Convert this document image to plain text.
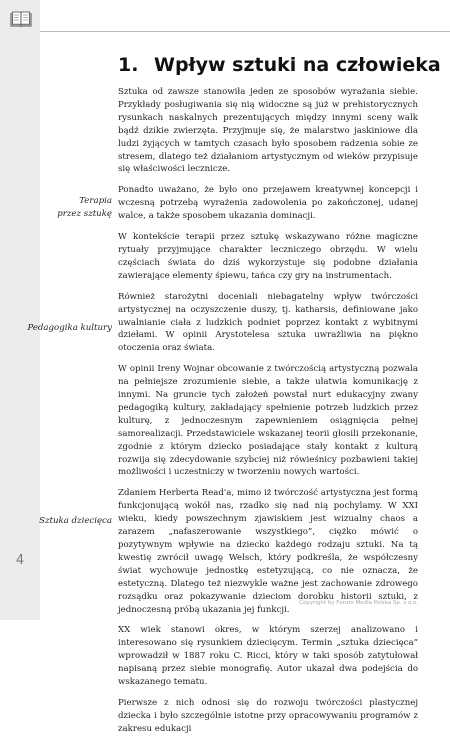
4
1. Wpływ sztuki na człowieka
Terapia
przez sztukę
Pedagogika kultury
Sztuka dziecięca

Sztuka od zawsze stanowiła jeden ze sposobów wyrażania siebie. Przykłady posługiwania się nią widoczne są już w prehistorycznych rysunkach naskalnych prezentujących między innymi sceny walk bądź dzikie zwierzęta. Przyjmuje się, że malarstwo jaskiniowe dla ludzi żyjących w tamtych czasach było sposobem radzenia sobie ze stresem, dlatego też działaniom artystycznym od wieków przypisuje się właściwości lecznicze.

Ponadto uważano, że było ono przejawem kreatywnej koncepcji i wczesną potrzebą wyrażenia zadowolenia po zakończonej, udanej walce, a także sposobem ukazania dominacji.

W kontekście terapii przez sztukę wskazywano różne magiczne rytuały przyjmujące charakter leczniczego obrzędu. W wielu częściach świata do dziś wykorzystuje się podobne działania zawierające elementy śpiewu, tańca czy gry na instrumentach.

Również starożytni doceniali niebagatelny wpływ twórczości artystycznej na oczyszczenie duszy, tj. katharsis, definiowane jako uwalnianie ciała z ludzkich podniet poprzez kontakt z wybitnymi dziełami. W opinii Arystotelesa sztuka uwrażliwia na piękno otoczenia oraz świata.

W opinii Ireny Wojnar obcowanie z twórczością artystyczną pozwala na pełniejsze zrozumienie siebie, a także ułatwia komunikację z innymi. Na gruncie tych założeń powstał nurt edukacyjny zwany pedagogiką kultury, zakładający spełnienie potrzeb ludzkich przez kulturę, z jednoczesnym zapewnieniem osiągnięcia pełnej samorealizacji. Przedstawiciele wskazanej teorii głosili przekonanie, zgodnie z którym dziecko posiadające stały kontakt z kulturą rozwija się zdecydowanie szybciej niż rówieśnicy pozbawieni takiej możliwości i uczestniczy w tworzeniu nowych wartości.

Zdaniem Herberta Read'a, mimo iż twórczość artystyczna jest formą funkcjonującą wokół nas, rzadko się nad nią pochylamy. W XXI wieku, kiedy powszechnym zjawiskiem jest wizualny chaos a zarazem „nafaszerowanie wszystkiego”, ciężko mówić o pozytywnym wpływie na dziecko każdego rodzaju sztuki. Na tą kwestię zwrócił uwagę Welsch, który podkreśla, że współczesny świat wychowuje jednostkę estetyzującą, co nie oznacza, że estetyczną. Dlatego też niezwykle ważne jest zachowanie zdrowego rozsądku oraz pokazywanie dzieciom dorobku historii sztuki, z jednoczesną próbą ukazania jej funkcji.

XX wiek stanowi okres, w którym szerzej analizowano i interesowano się rysunkiem dziecięcym. Termin „sztuka dziecięca” wprowadził w 1887 roku C. Ricci, który w taki sposób zatytułował napisaną przez siebie monografię. Autor ukazał dwa podejścia do wskazanego tematu.

Pierwsze z nich odnosi się do rozwoju twórczości plastycznej dziecka i było szczególnie istotne przy opracowywaniu programów z zakresu edukacji

Copyright by Forum Media Polska Sp. z o.o.
